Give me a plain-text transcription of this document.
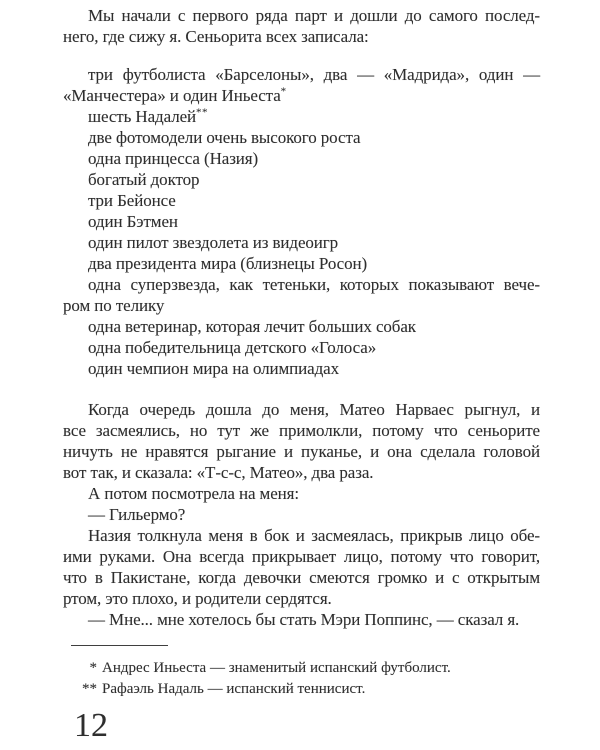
Мы начали с первого ряда парт и дошли до самого послед-
него, где сижу я. Сеньорита всех записала:
три футболиста «Барселоны», два — «Мадрида», один —
«Манчестера» и один Иньеста*
шесть Надалей**
две фотомодели очень высокого роста
одна принцесса (Назия)
богатый доктор
три Бейонсе
один Бэтмен
один пилот звездолета из видеоигр
два президента мира (близнецы Росон)
одна суперзвезда, как тетеньки, которых показывают вече-
ром по телику
одна ветеринар, которая лечит больших собак
одна победительница детского «Голоса»
один чемпион мира на олимпиадах
Когда очередь дошла до меня, Матео Нарваес рыгнул, и
все засмеялись, но тут же примолкли, потому что сеньорите
ничуть не нравятся рыгание и пуканье, и она сделала головой
вот так, и сказала: «Т-с-с, Матео», два раза.
А потом посмотрела на меня:
— Гильермо?
Назия толкнула меня в бок и засмеялась, прикрыв лицо обе-
ими руками. Она всегда прикрывает лицо, потому что говорит,
что в Пакистане, когда девочки смеются громко и с открытым
ртом, это плохо, и родители сердятся.
— Мне... мне хотелось бы стать Мэри Поппинс, — сказал я.
* Андрес Иньеста — знаменитый испанский футболист.
** Рафаэль Надаль — испанский теннисист.
12
